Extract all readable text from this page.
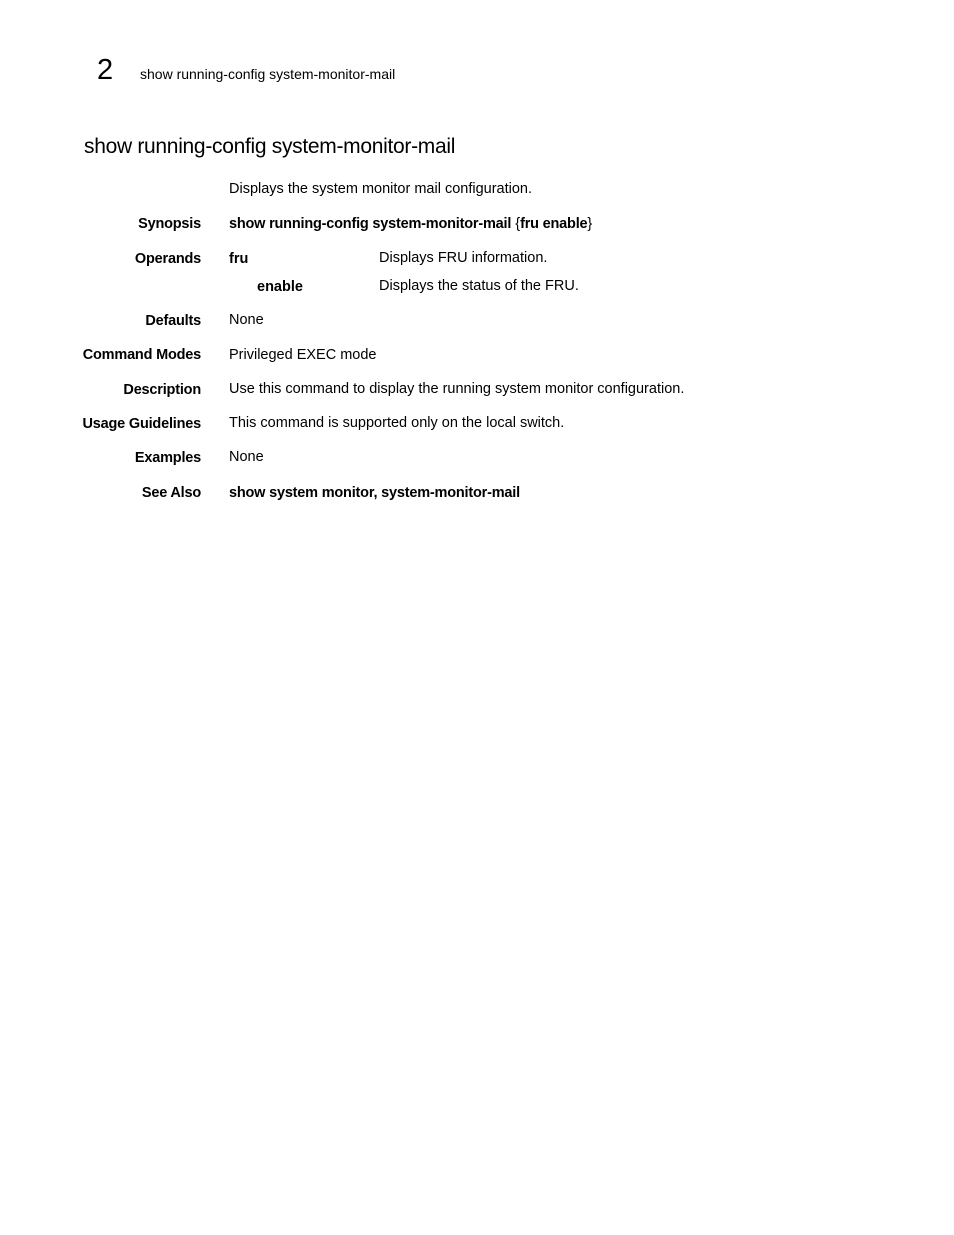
2 show running-config system-monitor-mail
show running-config system-monitor-mail
Displays the system monitor mail configuration.
Synopsis show running-config system-monitor-mail {fru enable}
Operands fru	Displays FRU information.
enable	Displays the status of the FRU.
Defaults None
Command Modes Privileged EXEC mode
Description Use this command to display the running system monitor configuration.
Usage Guidelines This command is supported only on the local switch.
Examples None
See Also show system monitor, system-monitor-mail
